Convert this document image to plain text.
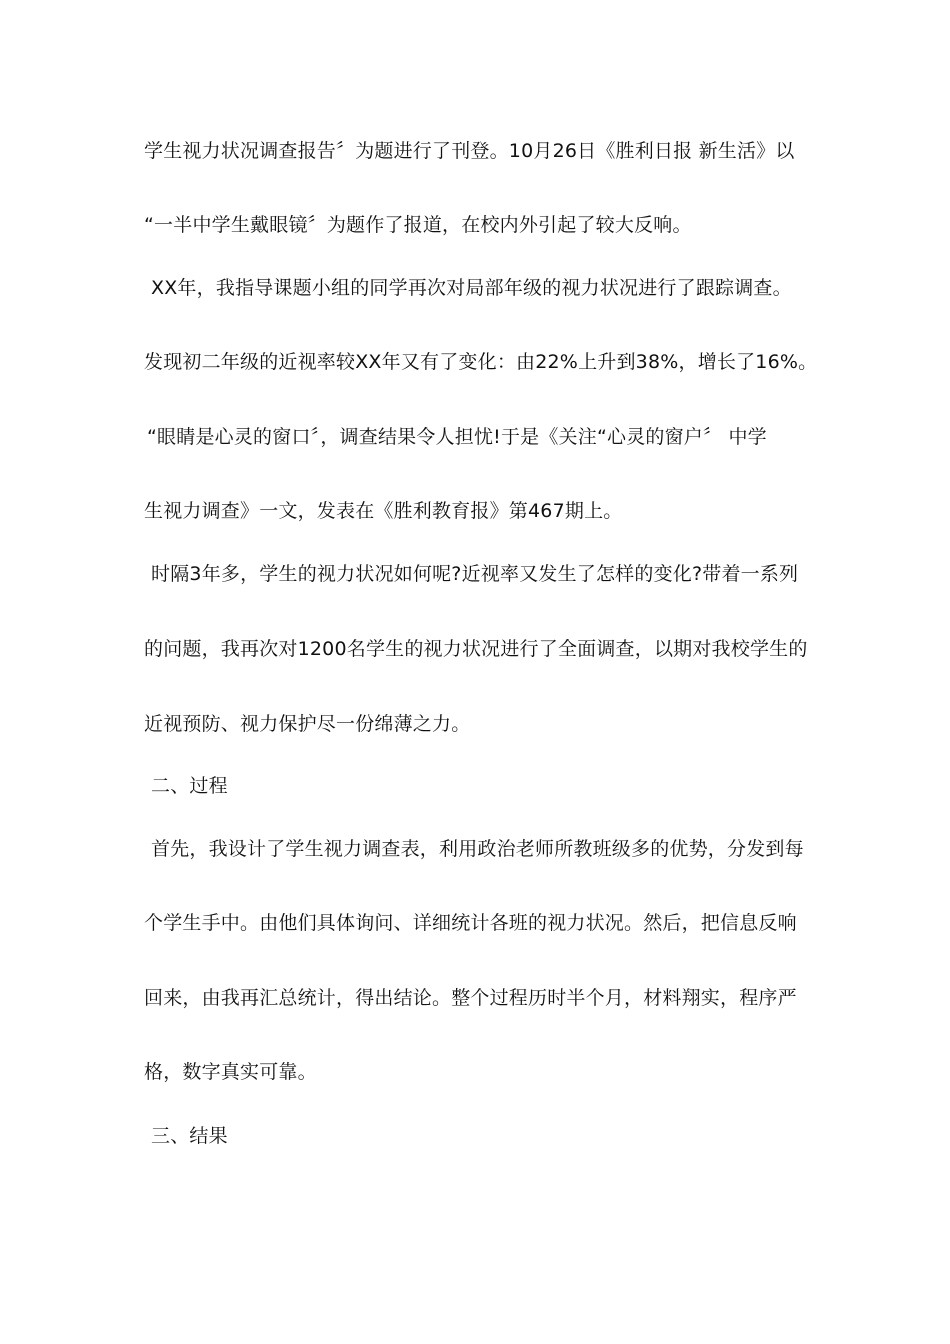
学生视力状况调查报告〞为题进行了刊登。10月26日《胜利日报 新生活》以
“一半中学生戴眼镜〞为题作了报道，在校内外引起了较大反响。
XX年，我指导课题小组的同学再次对局部年级的视力状况进行了跟踪调查。
发现初二年级的近视率较XX年又有了变化：由22%上升到38%，增长了16%。
“眼睛是心灵的窗口〞，调查结果令人担忧!于是《关注“心灵的窗户〞 中学
生视力调查》一文，发表在《胜利教育报》第467期上。
时隔3年多，学生的视力状况如何呢?近视率又发生了怎样的变化?带着一系列
的问题，我再次对1200名学生的视力状况进行了全面调查，以期对我校学生的
近视预防、视力保护尽一份绵薄之力。
二、过程
首先，我设计了学生视力调查表，利用政治老师所教班级多的优势，分发到每
个学生手中。由他们具体询问、详细统计各班的视力状况。然后，把信息反响
回来，由我再汇总统计，得出结论。整个过程历时半个月，材料翔实，程序严
格，数字真实可靠。
三、结果
